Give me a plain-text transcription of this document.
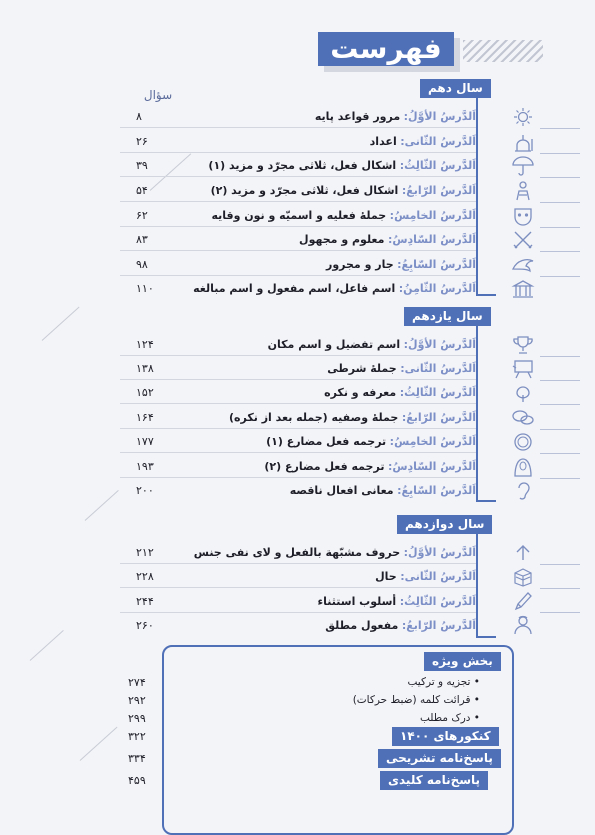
فهرست
سؤال	سال دهم
اَلدَّرسُ الأوَّلُ: مرور قواعد پایه
۸
اَلدَّرسُ الثّانی: اعداد
۲۶
اَلدَّرسُ الثّالِثُ: اشکال فعل، ثلاثی مجرّد و مزید (۱)
۳۹
اَلدَّرسُ الرّابعُ: اشکال فعل، ثلاثی مجرّد و مزید (۲)
۵۴
اَلدَّرسُ الخامِسُ: جملهٔ فعلیه و اسمیّه و نون وقایه
۶۲
اَلدَّرسُ السّادِسُ: معلوم و مجهول
۸۳
اَلدَّرسُ السّابِعُ: جار و مجرور
۹۸
اَلدَّرسُ الثّامِنُ: اسم فاعل، اسم مفعول و اسم مبالغه
۱۱۰
سال یازدهم
اَلدَّرسُ الأوَّلُ: اسم تفضیل و اسم مکان
۱۲۴
اَلدَّرسُ الثّانی: جملهٔ شرطی
۱۳۸
اَلدَّرسُ الثّالِثُ: معرفه و نکره
۱۵۲
اَلدَّرسُ الرّابعُ: جملهٔ وصفیه (جمله بعد از نکره)
۱۶۴
اَلدَّرسُ الخامِسُ: ترجمه فعل مضارع (۱)
۱۷۷
اَلدَّرسُ السّادِسُ: ترجمه فعل مضارع (۲)
۱۹۳
اَلدَّرسُ السّابِعُ: معانی افعال ناقصه
۲۰۰
سال دوازدهم
اَلدَّرسُ الأوَّلُ: حروف مشبّهة بالفعل و لای نفی جنس
۲۱۲
اَلدَّرسُ الثّانی: حال
۲۲۸
اَلدَّرسُ الثّالِثُ: أسلوب استثناء
۲۴۴
اَلدَّرسُ الرّابعُ: مفعول مطلق
۲۶۰
بخش ویژه
• تجزیه و ترکیب
۲۷۴
• قرائت کلمه (ضبط حرکات)
۲۹۲
• درک مطلب
۲۹۹
کنکورهای ۱۴۰۰
۳۲۲
پاسخ‌نامه تشریحی
۳۳۴
پاسخ‌نامه کلیدی
۴۵۹
